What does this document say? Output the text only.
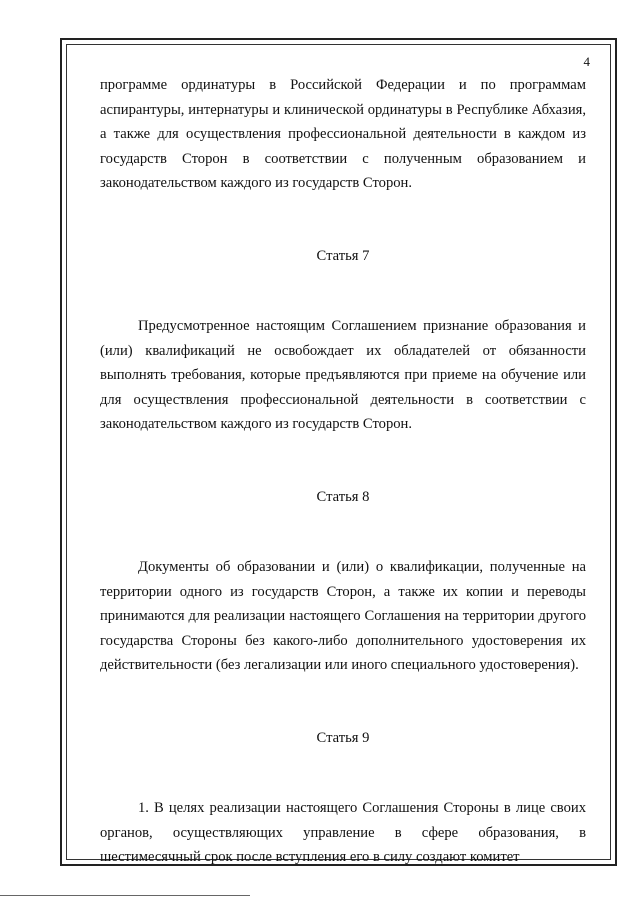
4

программе ординатуры в Российской Федерации и по программам аспирантуры, интернатуры и клинической ординатуры в Республике Абхазия, а также для осуществления профессиональной деятельности в каждом из государств Сторон в соответствии с полученным образованием и законодательством каждого из государств Сторон.

Статья 7

Предусмотренное настоящим Соглашением признание образования и (или) квалификаций не освобождает их обладателей от обязанности выполнять требования, которые предъявляются при приеме на обучение или для осуществления профессиональной деятельности в соответствии с законодательством каждого из государств Сторон.

Статья 8

Документы об образовании и (или) о квалификации, полученные на территории одного из государств Сторон, а также их копии и переводы принимаются для реализации настоящего Соглашения на территории другого государства Стороны без какого-либо дополнительного удостоверения их действительности (без легализации или иного специального удостоверения).

Статья 9

1. В целях реализации настоящего Соглашения Стороны в лице своих органов, осуществляющих управление в сфере образования, в шестимесячный срок после вступления его в силу создают комитет
